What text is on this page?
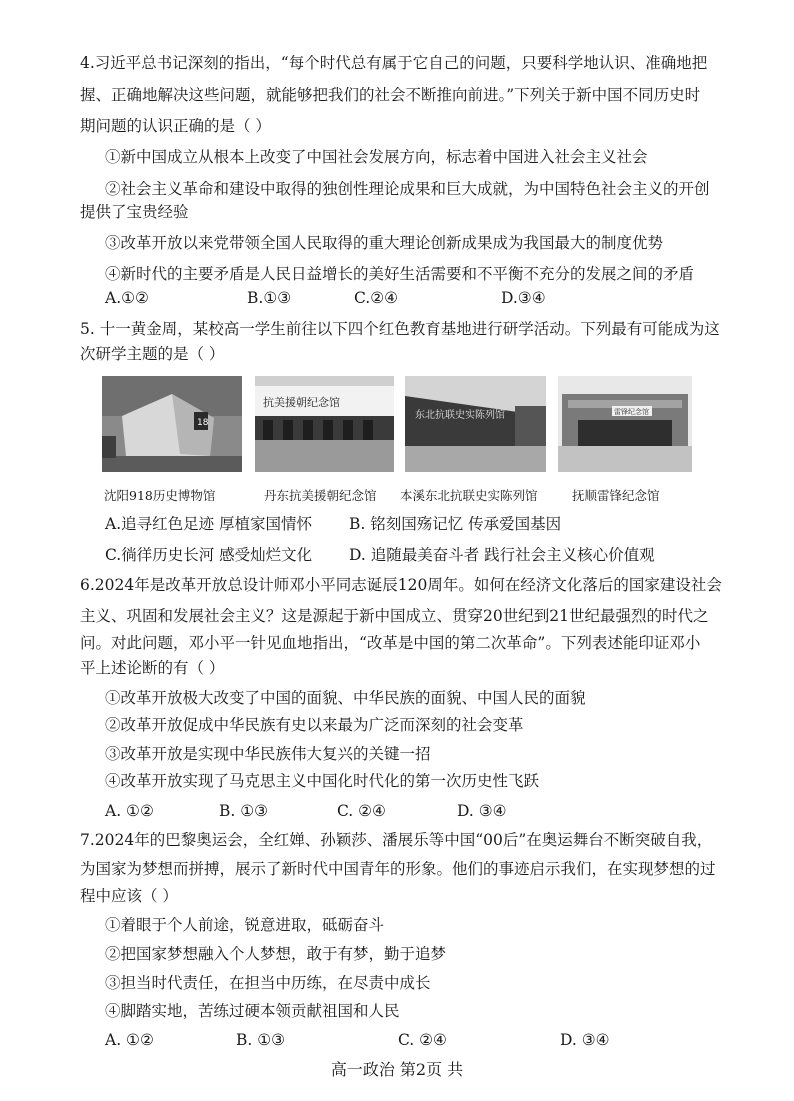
4.习近平总书记深刻的指出，“每个时代总有属于它自己的问题，只要科学地认识、准确地把
握、正确地解决这些问题，就能够把我们的社会不断推向前进。”下列关于新中国不同历史时
期问题的认识正确的是（ ）
①新中国成立从根本上改变了中国社会发展方向，标志着中国进入社会主义社会
②社会主义革命和建设中取得的独创性理论成果和巨大成就，为中国特色社会主义的开创
提供了宝贵经验
③改革开放以来党带领全国人民取得的重大理论创新成果成为我国最大的制度优势
④新时代的主要矛盾是人民日益增长的美好生活需要和不平衡不充分的发展之间的矛盾
A.①②	B.①③	C.②④	D.③④
5. 十一黄金周，某校高一学生前往以下四个红色教育基地进行研学活动。下列最有可能成为这
次研学主题的是（ ）
18
抗美援朝纪念馆
东北抗联史实陈列馆	雷锋纪念馆
沈阳918历史博物馆	丹东抗美援朝纪念馆 本溪东北抗联史实陈列馆	抚顺雷锋纪念馆
A.追寻红色足迹 厚植家国情怀 B. 铭刻国殇记忆 传承爱国基因
C.徜徉历史长河 感受灿烂文化 D. 追随最美奋斗者 践行社会主义核心价值观
6.2024年是改革开放总设计师邓小平同志诞辰120周年。如何在经济文化落后的国家建设社会
主义、巩固和发展社会主义？这是源起于新中国成立、贯穿20世纪到21世纪最强烈的时代之
问。对此问题，邓小平一针见血地指出，“改革是中国的第二次革命”。下列表述能印证邓小
平上述论断的有（ ）
①改革开放极大改变了中国的面貌、中华民族的面貌、中国人民的面貌
②改革开放促成中华民族有史以来最为广泛而深刻的社会变革
③改革开放是实现中华民族伟大复兴的关键一招
④改革开放实现了马克思主义中国化时代化的第一次历史性飞跃
A. ①②	B. ①③	C. ②④	D. ③④
7.2024年的巴黎奥运会，全红婵、孙颖莎、潘展乐等中国“00后”在奥运舞台不断突破自我，
为国家为梦想而拼搏，展示了新时代中国青年的形象。他们的事迹启示我们，在实现梦想的过
程中应该（ ）
①着眼于个人前途，锐意进取，砥砺奋斗
②把国家梦想融入个人梦想，敢于有梦，勤于追梦
③担当时代责任，在担当中历练，在尽责中成长
④脚踏实地，苦练过硬本领贡献祖国和人民
A. ①②	B. ①③	C. ②④	D. ③④
高一政治 第2页 共
